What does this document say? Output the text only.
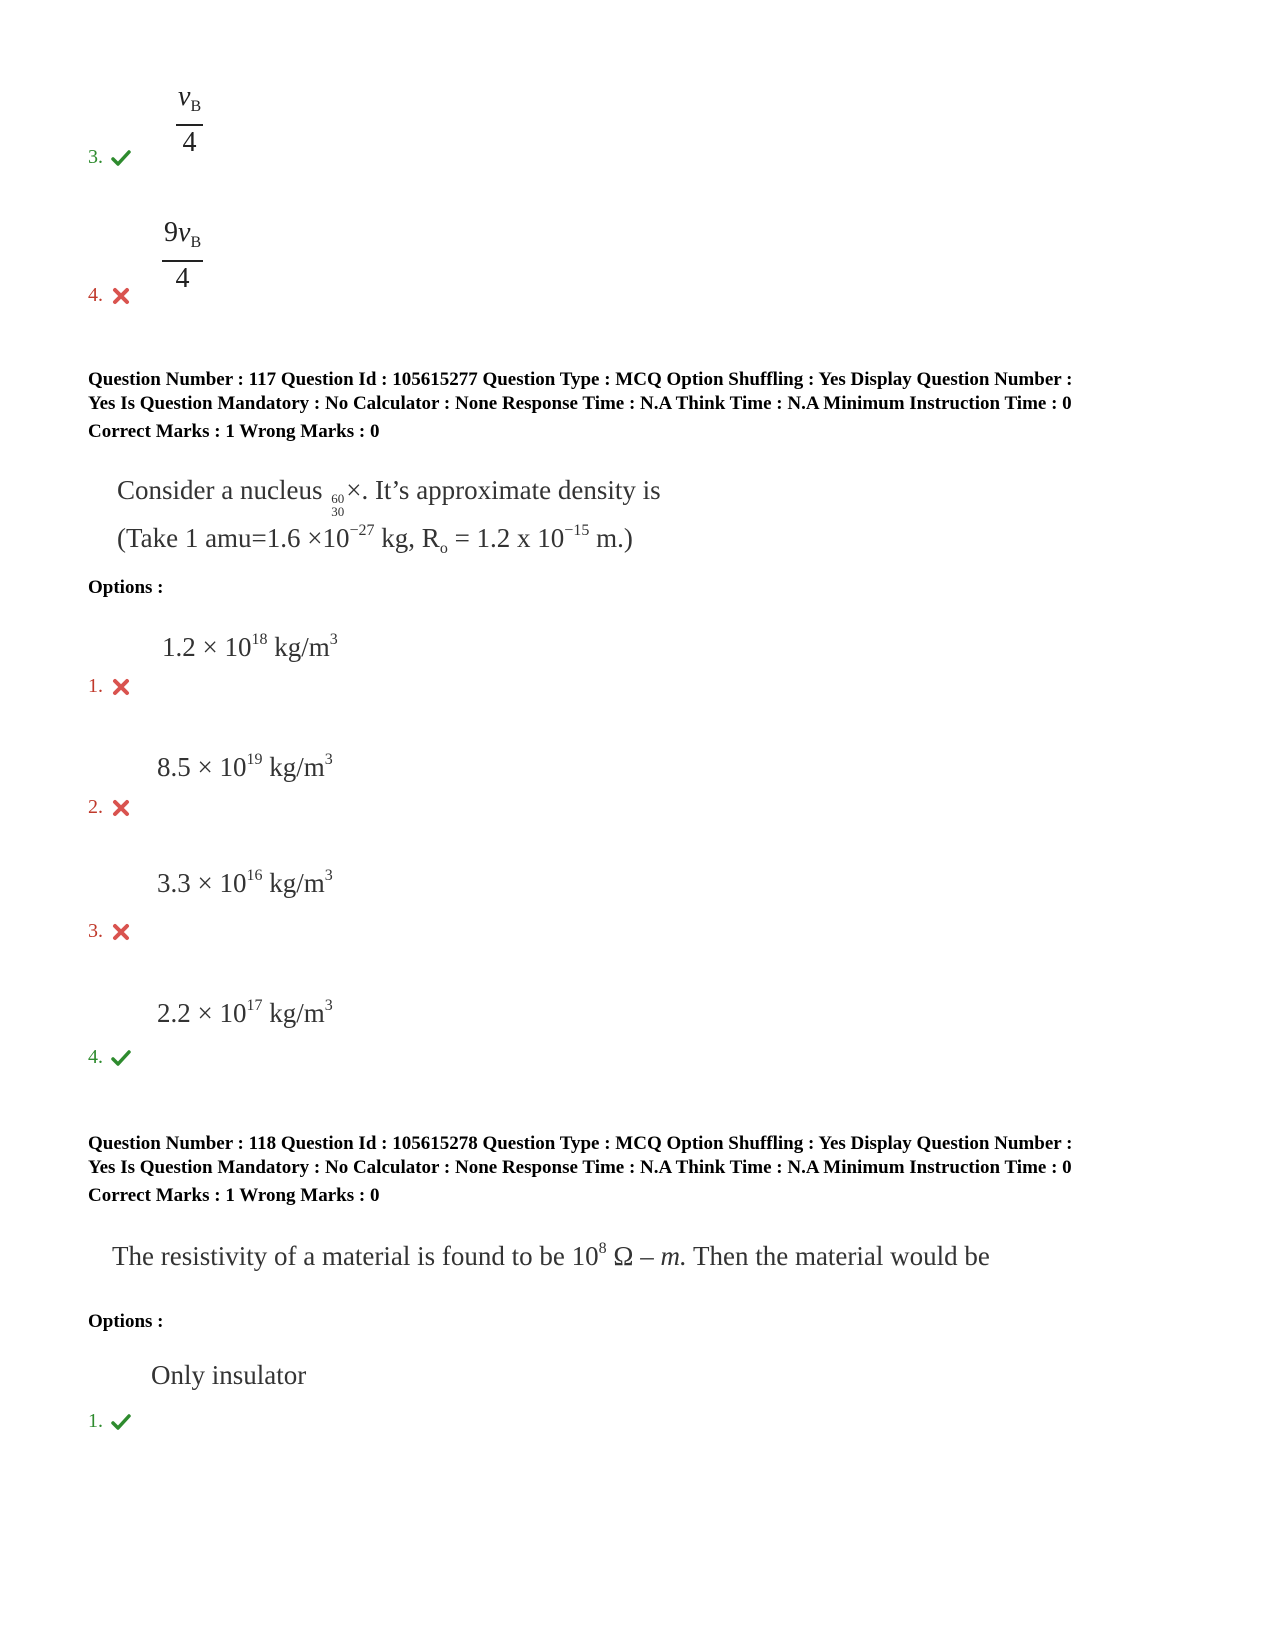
$\frac{v_B}{4}$
3.
$\frac{9v_B}{4}$
4.
Question Number : 117 Question Id : 105615277 Question Type : MCQ Option Shuffling : Yes Display Question Number :
Yes Is Question Mandatory : No Calculator : None Response Time : N.A Think Time : N.A Minimum Instruction Time : 0
Correct Marks : 1 Wrong Marks : 0
Consider a nucleus 60
30
×. It’s approximate density is
(Take 1 $amu=1.6 \times 10^{-27}$ kg, $R_o = 1.2$ x $10^{-15}$ m.)
Options :
$1.2 \times 10^{18}$ $kg/m^3$
1.
$8.5 \times 10^{19}$ $kg/m^3$
2.
$3.3 \times 10^{16}$ $kg/m^3$
3.
$2.2 \times 10^{17}$ $kg/m^3$
4.
Question Number : 118 Question Id : 105615278 Question Type : MCQ Option Shuffling : Yes Display Question Number :
Yes Is Question Mandatory : No Calculator : None Response Time : N.A Think Time : N.A Minimum Instruction Time : 0
Correct Marks : 1 Wrong Marks : 0
The resistivity of a material is found to be $10^8$ Ω – m. Then the material would be
Options :
Only insulator
1.
